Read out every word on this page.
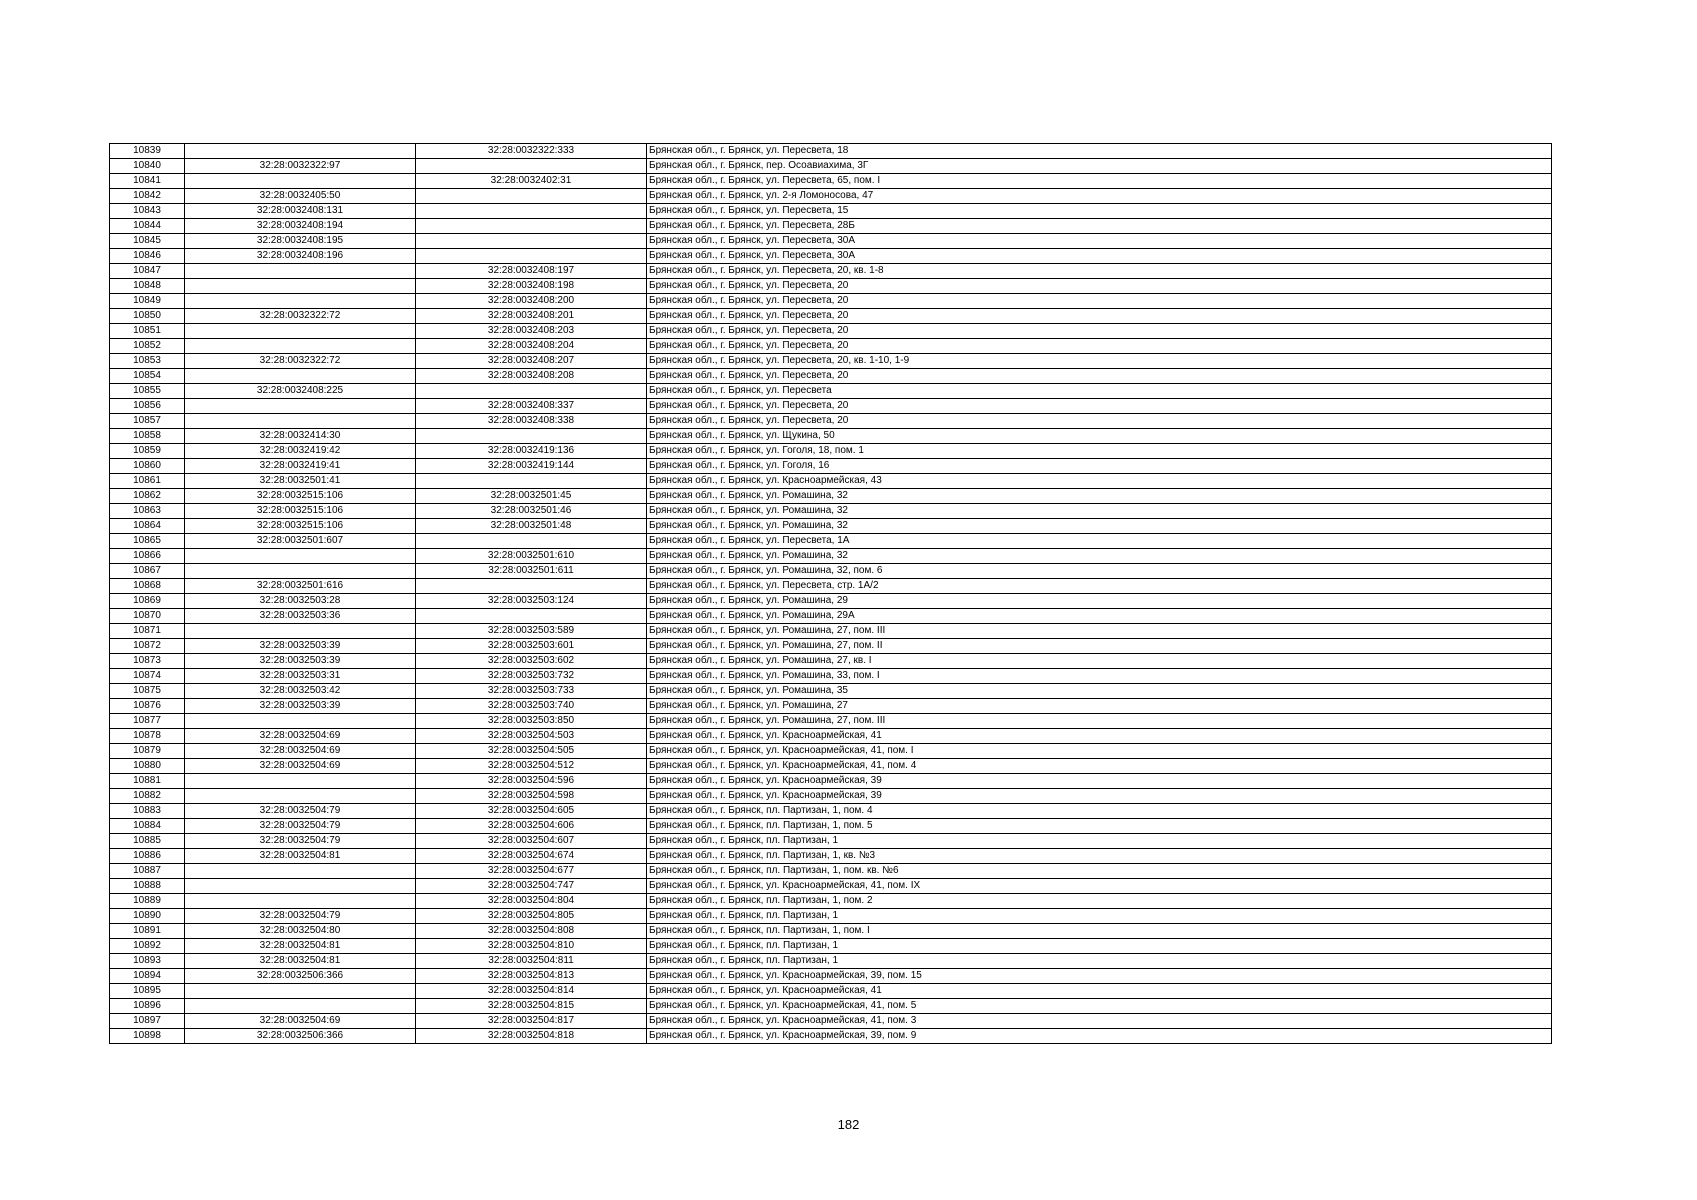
10839		32:28:0032322:333	Брянская обл., г. Брянск, ул. Пересвета, 18
10840	32:28:0032322:97		Брянская обл., г. Брянск, пер. Осоавиахима, 3Г
10841		32:28:0032402:31	Брянская обл., г. Брянск, ул. Пересвета, 65, пом. I
10842	32:28:0032405:50		Брянская обл., г. Брянск, ул. 2-я Ломоносова, 47
10843	32:28:0032408:131		Брянская обл., г. Брянск, ул. Пересвета, 15
10844	32:28:0032408:194		Брянская обл., г. Брянск, ул. Пересвета, 28Б
10845	32:28:0032408:195		Брянская обл., г. Брянск, ул. Пересвета, 30А
10846	32:28:0032408:196		Брянская обл., г. Брянск, ул. Пересвета, 30А
10847		32:28:0032408:197	Брянская обл., г. Брянск, ул. Пересвета, 20, кв. 1-8
10848		32:28:0032408:198	Брянская обл., г. Брянск, ул. Пересвета, 20
10849		32:28:0032408:200	Брянская обл., г. Брянск, ул. Пересвета, 20
10850	32:28:0032322:72	32:28:0032408:201	Брянская обл., г. Брянск, ул. Пересвета, 20
10851		32:28:0032408:203	Брянская обл., г. Брянск, ул. Пересвета, 20
10852		32:28:0032408:204	Брянская обл., г. Брянск, ул. Пересвета, 20
10853	32:28:0032322:72	32:28:0032408:207	Брянская обл., г. Брянск, ул. Пересвета, 20, кв. 1-10, 1-9
10854		32:28:0032408:208	Брянская обл., г. Брянск, ул. Пересвета, 20
10855	32:28:0032408:225		Брянская обл., г. Брянск, ул. Пересвета
10856		32:28:0032408:337	Брянская обл., г. Брянск, ул. Пересвета, 20
10857		32:28:0032408:338	Брянская обл., г. Брянск, ул. Пересвета, 20
10858	32:28:0032414:30		Брянская обл., г. Брянск, ул. Щукина, 50
10859	32:28:0032419:42	32:28:0032419:136	Брянская обл., г. Брянск, ул. Гоголя, 18, пом. 1
10860	32:28:0032419:41	32:28:0032419:144	Брянская обл., г. Брянск, ул. Гоголя, 16
10861	32:28:0032501:41		Брянская обл., г. Брянск, ул. Красноармейская, 43
10862	32:28:0032515:106	32:28:0032501:45	Брянская обл., г. Брянск, ул. Ромашина, 32
10863	32:28:0032515:106	32:28:0032501:46	Брянская обл., г. Брянск, ул. Ромашина, 32
10864	32:28:0032515:106	32:28:0032501:48	Брянская обл., г. Брянск, ул. Ромашина, 32
10865	32:28:0032501:607		Брянская обл., г. Брянск, ул. Пересвета, 1А
10866		32:28:0032501:610	Брянская обл., г. Брянск, ул. Ромашина, 32
10867		32:28:0032501:611	Брянская обл., г. Брянск, ул. Ромашина, 32, пом. 6
10868	32:28:0032501:616		Брянская обл., г. Брянск, ул. Пересвета, стр. 1А/2
10869	32:28:0032503:28	32:28:0032503:124	Брянская обл., г. Брянск, ул. Ромашина, 29
10870	32:28:0032503:36		Брянская обл., г. Брянск, ул. Ромашина, 29А
10871		32:28:0032503:589	Брянская обл., г. Брянск, ул. Ромашина, 27, пом. III
10872	32:28:0032503:39	32:28:0032503:601	Брянская обл., г. Брянск, ул. Ромашина, 27, пом. II
10873	32:28:0032503:39	32:28:0032503:602	Брянская обл., г. Брянск, ул. Ромашина, 27, кв. I
10874	32:28:0032503:31	32:28:0032503:732	Брянская обл., г. Брянск, ул. Ромашина, 33, пом. I
10875	32:28:0032503:42	32:28:0032503:733	Брянская обл., г. Брянск, ул. Ромашина, 35
10876	32:28:0032503:39	32:28:0032503:740	Брянская обл., г. Брянск, ул. Ромашина, 27
10877		32:28:0032503:850	Брянская обл., г. Брянск, ул. Ромашина, 27, пом. III
10878	32:28:0032504:69	32:28:0032504:503	Брянская обл., г. Брянск, ул. Красноармейская, 41
10879	32:28:0032504:69	32:28:0032504:505	Брянская обл., г. Брянск, ул. Красноармейская, 41, пом. I
10880	32:28:0032504:69	32:28:0032504:512	Брянская обл., г. Брянск, ул. Красноармейская, 41, пом. 4
10881		32:28:0032504:596	Брянская обл., г. Брянск, ул. Красноармейская, 39
10882		32:28:0032504:598	Брянская обл., г. Брянск, ул. Красноармейская, 39
10883	32:28:0032504:79	32:28:0032504:605	Брянская обл., г. Брянск, пл. Партизан, 1, пом. 4
10884	32:28:0032504:79	32:28:0032504:606	Брянская обл., г. Брянск, пл. Партизан, 1, пом. 5
10885	32:28:0032504:79	32:28:0032504:607	Брянская обл., г. Брянск, пл. Партизан, 1
10886	32:28:0032504:81	32:28:0032504:674	Брянская обл., г. Брянск, пл. Партизан, 1, кв. №3
10887		32:28:0032504:677	Брянская обл., г. Брянск, пл. Партизан, 1, пом. кв. №6
10888		32:28:0032504:747	Брянская обл., г. Брянск, ул. Красноармейская, 41, пом. IX
10889		32:28:0032504:804	Брянская обл., г. Брянск, пл. Партизан, 1, пом. 2
10890	32:28:0032504:79	32:28:0032504:805	Брянская обл., г. Брянск, пл. Партизан, 1
10891	32:28:0032504:80	32:28:0032504:808	Брянская обл., г. Брянск, пл. Партизан, 1, пом. I
10892	32:28:0032504:81	32:28:0032504:810	Брянская обл., г. Брянск, пл. Партизан, 1
10893	32:28:0032504:81	32:28:0032504:811	Брянская обл., г. Брянск, пл. Партизан, 1
10894	32:28:0032506:366	32:28:0032504:813	Брянская обл., г. Брянск, ул. Красноармейская, 39, пом. 15
10895		32:28:0032504:814	Брянская обл., г. Брянск, ул. Красноармейская, 41
10896		32:28:0032504:815	Брянская обл., г. Брянск, ул. Красноармейская, 41, пом. 5
10897	32:28:0032504:69	32:28:0032504:817	Брянская обл., г. Брянск, ул. Красноармейская, 41, пом. 3
10898	32:28:0032506:366	32:28:0032504:818	Брянская обл., г. Брянск, ул. Красноармейская, 39, пом. 9
182
